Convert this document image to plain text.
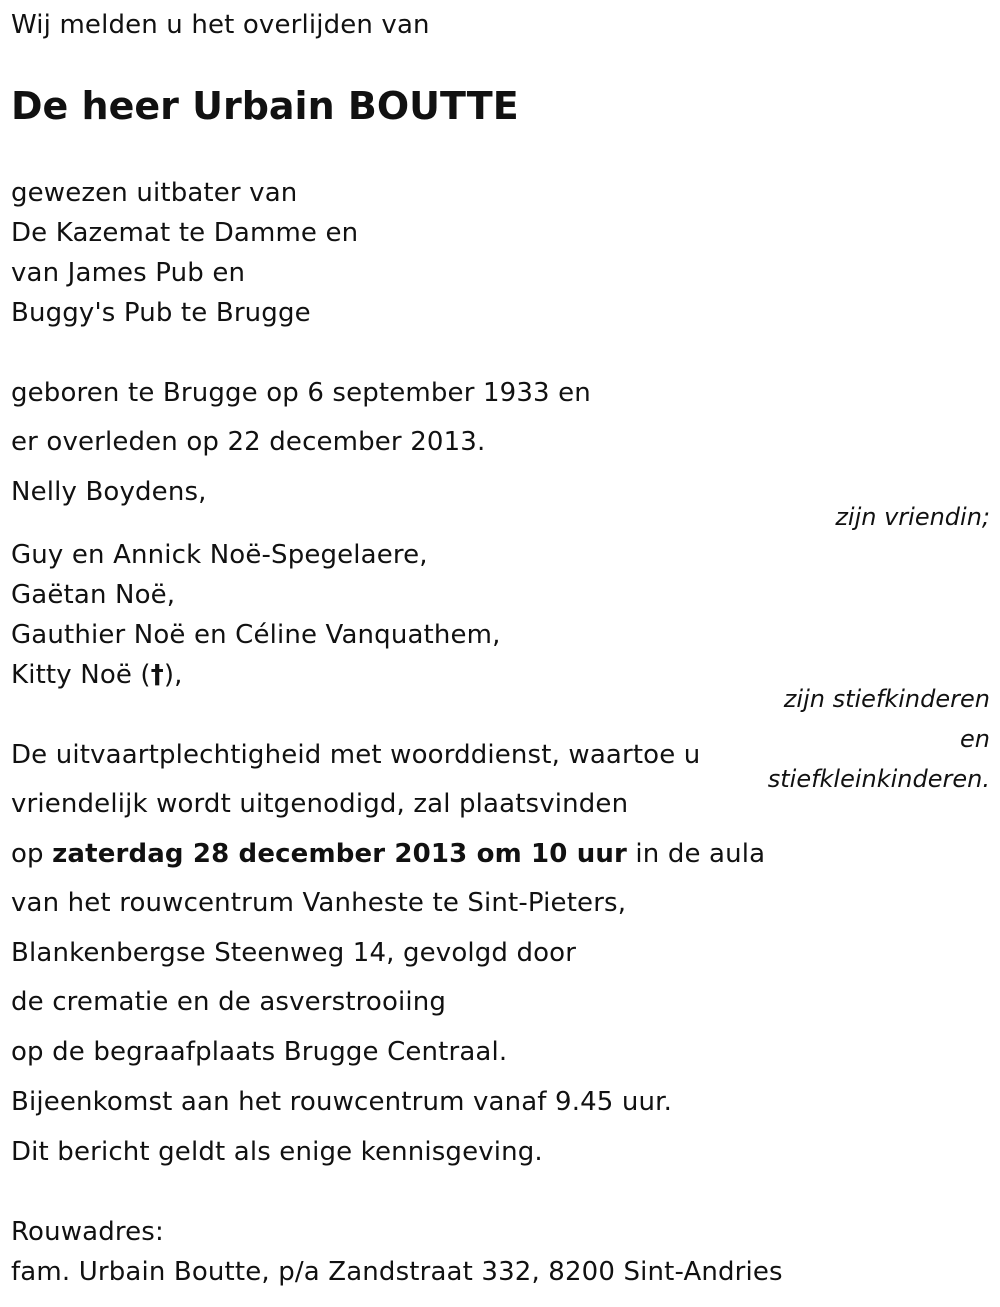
Wij melden u het overlijden van
De heer Urbain BOUTTE
gewezen uitbater van
De Kazemat te Damme en
van James Pub en
Buggy's Pub te Brugge
geboren te Brugge op 6 september 1933 en
er overleden op 22 december 2013.
Nelly Boydens,
zijn vriendin;
Guy en Annick Noë-Spegelaere,
Gaëtan Noë,
Gauthier Noë en Céline Vanquathem,
Kitty Noë (†),
zijn stiefkinderen
en
stiefkleinkinderen.
De uitvaartplechtigheid met woorddienst, waartoe u
vriendelijk wordt uitgenodigd, zal plaatsvinden
op zaterdag 28 december 2013 om 10 uur in de aula
van het rouwcentrum Vanheste te Sint-Pieters,
Blankenbergse Steenweg 14, gevolgd door
de crematie en de asverstrooiing
op de begraafplaats Brugge Centraal.
Bijeenkomst aan het rouwcentrum vanaf 9.45 uur.
Dit bericht geldt als enige kennisgeving.
Rouwadres:
fam. Urbain Boutte, p/a Zandstraat 332, 8200 Sint-Andries
